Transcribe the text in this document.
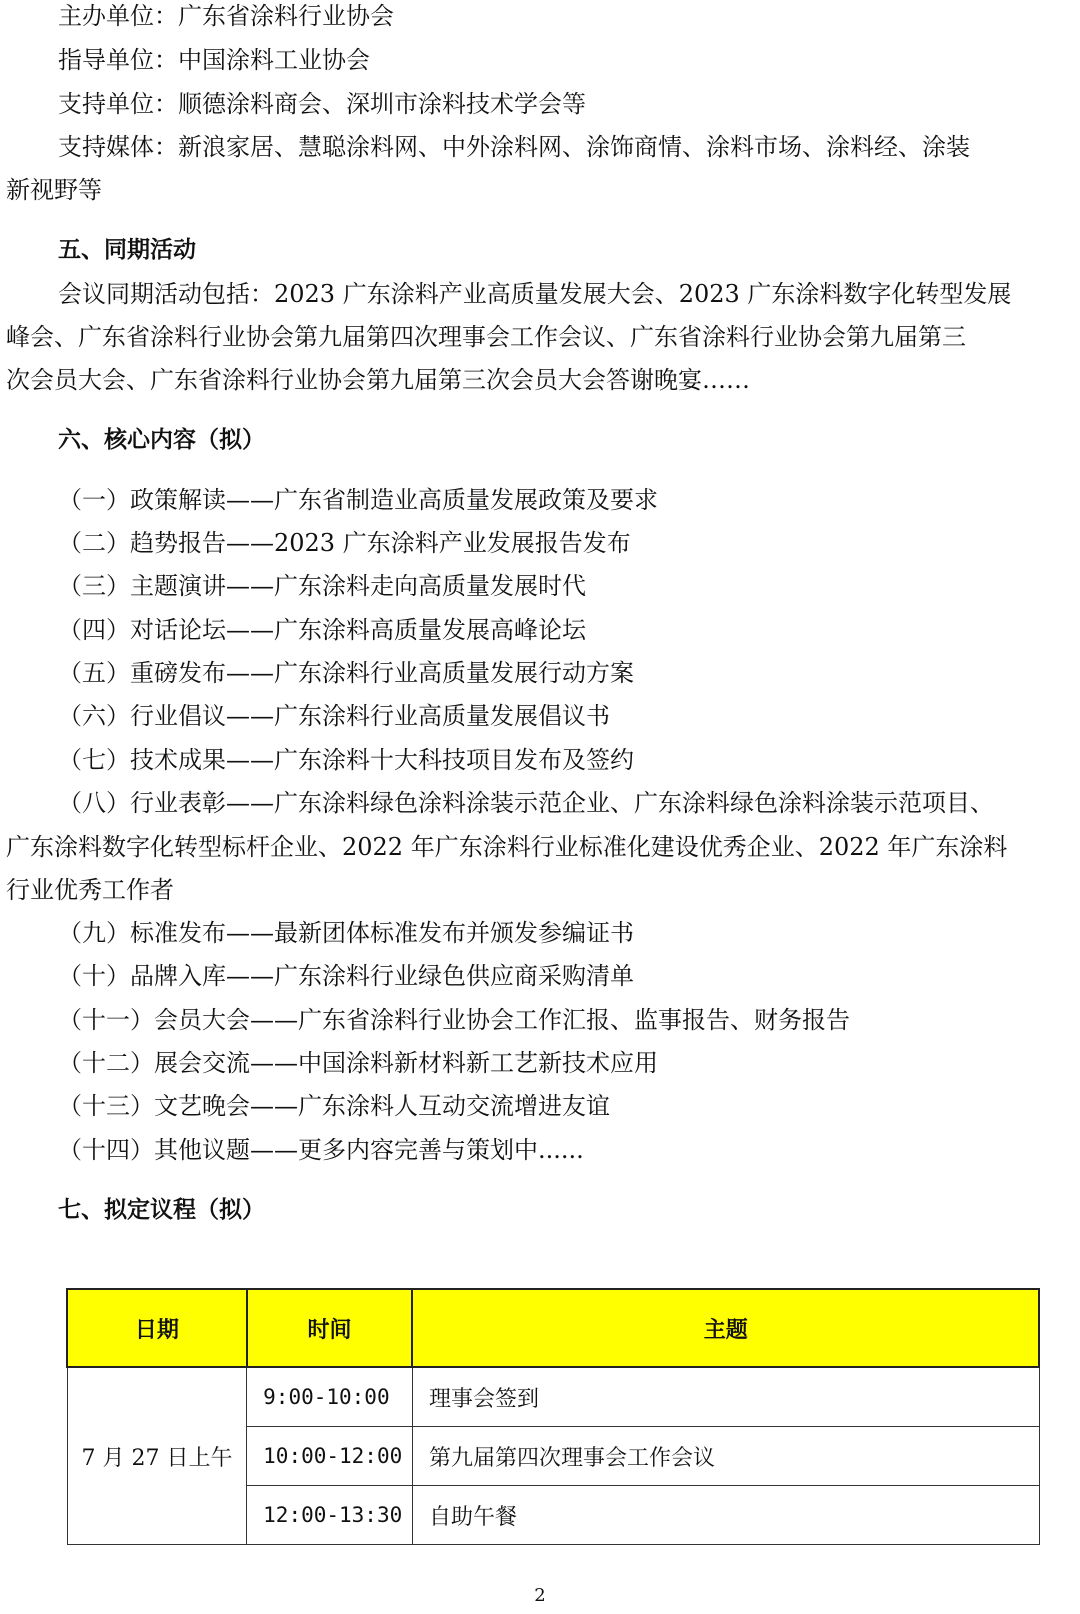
主办单位：广东省涂料行业协会
指导单位：中国涂料工业协会
支持单位：顺德涂料商会、深圳市涂料技术学会等
支持媒体：新浪家居、慧聪涂料网、中外涂料网、涂饰商情、涂料市场、涂料经、涂装
新视野等
五、同期活动
会议同期活动包括：2023 广东涂料产业高质量发展大会、2023 广东涂料数字化转型发展
峰会、广东省涂料行业协会第九届第四次理事会工作会议、广东省涂料行业协会第九届第三
次会员大会、广东省涂料行业协会第九届第三次会员大会答谢晚宴……
六、核心内容（拟）
（一）政策解读——广东省制造业高质量发展政策及要求
（二）趋势报告——2023 广东涂料产业发展报告发布
（三）主题演讲——广东涂料走向高质量发展时代
（四）对话论坛——广东涂料高质量发展高峰论坛
（五）重磅发布——广东涂料行业高质量发展行动方案
（六）行业倡议——广东涂料行业高质量发展倡议书
（七）技术成果——广东涂料十大科技项目发布及签约
（八）行业表彰——广东涂料绿色涂料涂装示范企业、广东涂料绿色涂料涂装示范项目、
广东涂料数字化转型标杆企业、2022 年广东涂料行业标准化建设优秀企业、2022 年广东涂料
行业优秀工作者
（九）标准发布——最新团体标准发布并颁发参编证书
（十）品牌入库——广东涂料行业绿色供应商采购清单
（十一）会员大会——广东省涂料行业协会工作汇报、监事报告、财务报告
（十二）展会交流——中国涂料新材料新工艺新技术应用
（十三）文艺晚会——广东涂料人互动交流增进友谊
（十四）其他议题——更多内容完善与策划中......
七、拟定议程（拟）
日期	时间	主题
7 月 27 日上午	9:00-10:00	理事会签到
	10:00-12:00	第九届第四次理事会工作会议
	12:00-13:30	自助午餐
2
